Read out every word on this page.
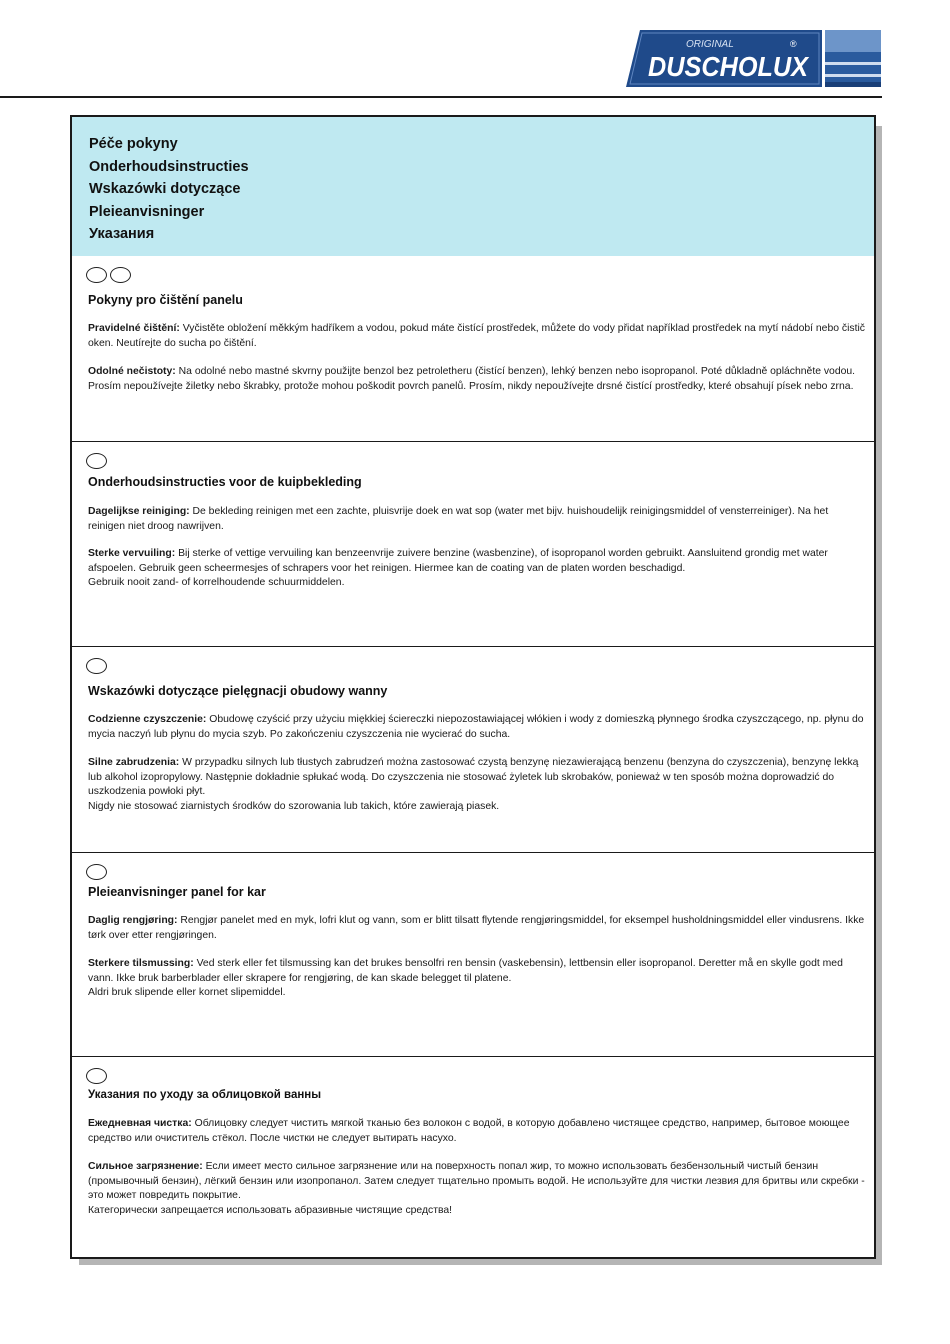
ORIGINAL	®
DUSCHOLUX
Péče pokyny
Onderhoudsinstructies
Wskazówki dotyczące
Pleieanvisninger
Указания
Pokyny pro čištění panelu
Pravidelné čištění: Vyčistěte obložení měkkým hadříkem a vodou, pokud máte čistící prostředek, můžete do vody přidat například prostředek na mytí nádobí nebo čistič oken. Neutírejte do sucha po čištění.
Odolné nečistoty: Na odolné nebo mastné skvrny použijte benzol bez petroletheru (čistící benzen), lehký benzen nebo isopropanol. Poté důkladně opláchněte vodou. Prosím nepoužívejte žiletky nebo škrabky, protože mohou poškodit povrch panelů. Prosím, nikdy nepoužívejte drsné čistící prostředky, které obsahují písek nebo zrna.
Onderhoudsinstructies voor de kuipbekleding
Dagelijkse reiniging: De bekleding reinigen met een zachte, pluisvrije doek en wat sop (water met bijv. huishoudelijk reinigingsmiddel of vensterreiniger). Na het reinigen niet droog nawrijven.
Sterke vervuiling: Bij sterke of vettige vervuiling kan benzeenvrije zuivere benzine (wasbenzine), of isopropanol worden gebruikt. Aansluitend grondig met water afspoelen. Gebruik geen scheermesjes of schrapers voor het reinigen. Hiermee kan de coating van de platen worden beschadigd.
Gebruik nooit zand- of korrelhoudende schuurmiddelen.
Wskazówki dotyczące pielęgnacji obudowy wanny
Codzienne czyszczenie: Obudowę czyścić przy użyciu miękkiej ściereczki niepozostawiającej włókien i wody z domieszką płynnego środka czyszczącego, np. płynu do mycia naczyń lub płynu do mycia szyb. Po zakończeniu czyszczenia nie wycierać do sucha.
Silne zabrudzenia: W przypadku silnych lub tłustych zabrudzeń można zastosować czystą benzynę niezawierającą benzenu (benzyna do czyszczenia), benzynę lekką lub alkohol izopropylowy. Następnie dokładnie spłukać wodą. Do czyszczenia nie stosować żyletek lub skrobaków, ponieważ w ten sposób można doprowadzić do uszkodzenia powłoki płyt.
Nigdy nie stosować ziarnistych środków do szorowania lub takich, które zawierają piasek.
Pleieanvisninger panel for kar
Daglig rengjøring: Rengjør panelet med en myk, lofri klut og vann, som er blitt tilsatt flytende rengjøringsmiddel, for eksempel husholdningsmiddel eller vindusrens. Ikke tørk over etter rengjøringen.
Sterkere tilsmussing: Ved sterk eller fet tilsmussing kan det brukes bensolfri ren bensin (vaskebensin), lettbensin eller isopropanol. Deretter må en skylle godt med vann. Ikke bruk barberblader eller skrapere for rengjøring, de kan skade belegget til platene.
Aldri bruk slipende eller kornet slipemiddel.
Указания по уходу за облицовкой ванны
Ежедневная чистка: Облицовку следует чистить мягкой тканью без волокон с водой, в которую добавлено чистящее средство, например, бытовое моющее средство или очиститель стёкол. После чистки не следует вытирать насухо.
Сильное загрязнение: Если имеет место сильное загрязнение или на поверхность попал жир, то можно использовать безбензольный чистый бензин (промывочный бензин), лёгкий бензин или изопропанол. Затем следует тщательно промыть водой. Не используйте для чистки лезвия для бритвы или скребки - это может повредить покрытие.
Категорически запрещается использовать абразивные чистящие средства!
